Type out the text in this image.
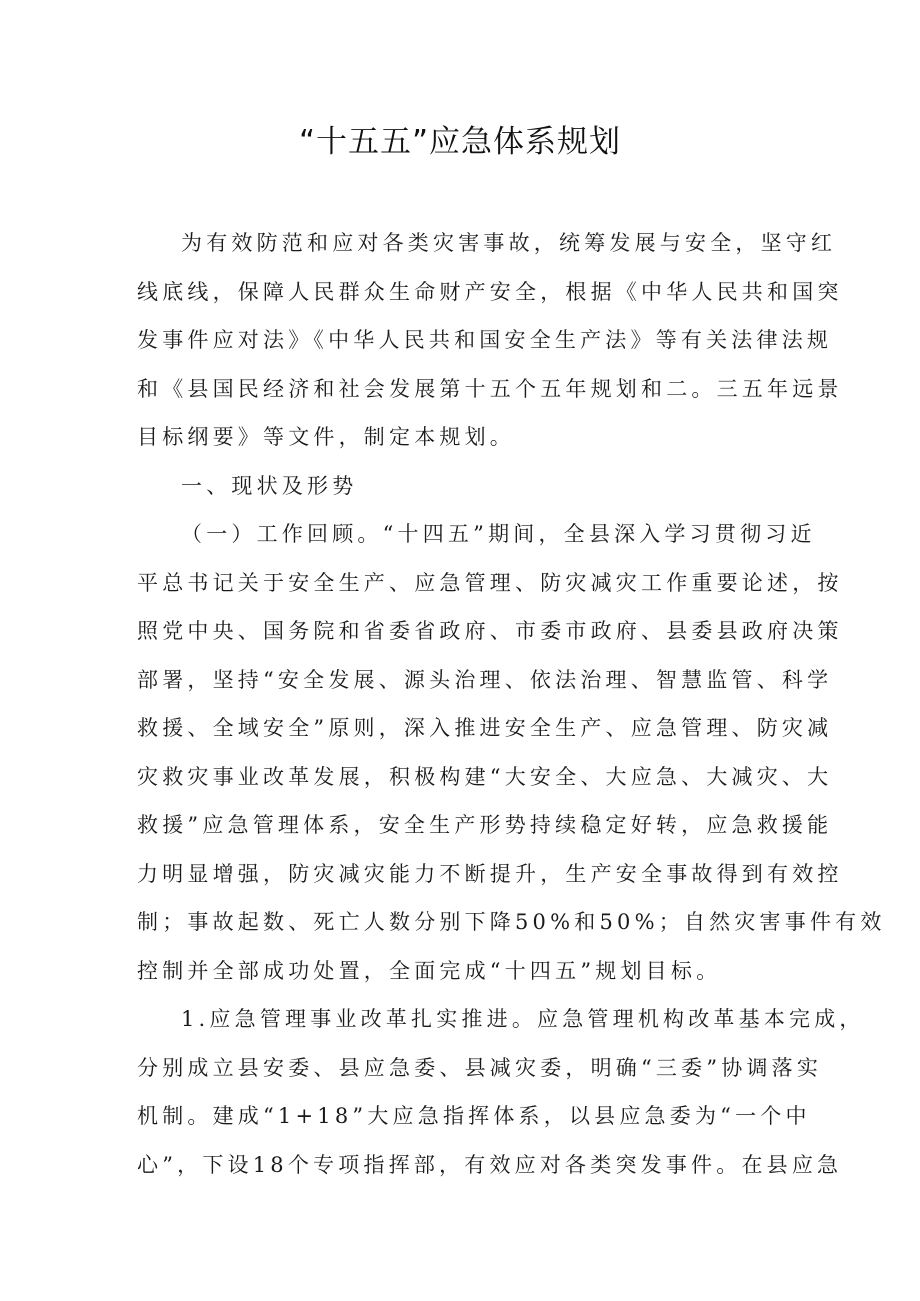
“十五五”应急体系规划
为有效防范和应对各类灾害事故，统筹发展与安全，坚守红
线底线，保障人民群众生命财产安全，根据《中华人民共和国突
发事件应对法》《中华人民共和国安全生产法》等有关法律法规
和《县国民经济和社会发展第十五个五年规划和二。三五年远景
目标纲要》等文件，制定本规划。
一、现状及形势
（一）工作回顾。“十四五”期间，全县深入学习贯彻习近
平总书记关于安全生产、应急管理、防灾减灾工作重要论述，按
照党中央、国务院和省委省政府、市委市政府、县委县政府决策
部署，坚持“安全发展、源头治理、依法治理、智慧监管、科学
救援、全域安全”原则，深入推进安全生产、应急管理、防灾减
灾救灾事业改革发展，积极构建“大安全、大应急、大减灾、大
救援”应急管理体系，安全生产形势持续稳定好转，应急救援能
力明显增强，防灾减灾能力不断提升，生产安全事故得到有效控
制；事故起数、死亡人数分别下降50%和50%；自然灾害事件有效
控制并全部成功处置，全面完成“十四五”规划目标。
1.应急管理事业改革扎实推进。应急管理机构改革基本完成，
分别成立县安委、县应急委、县减灾委，明确“三委”协调落实
机制。建成“1+18”大应急指挥体系，以县应急委为“一个中
心”，下设18个专项指挥部，有效应对各类突发事件。在县应急
